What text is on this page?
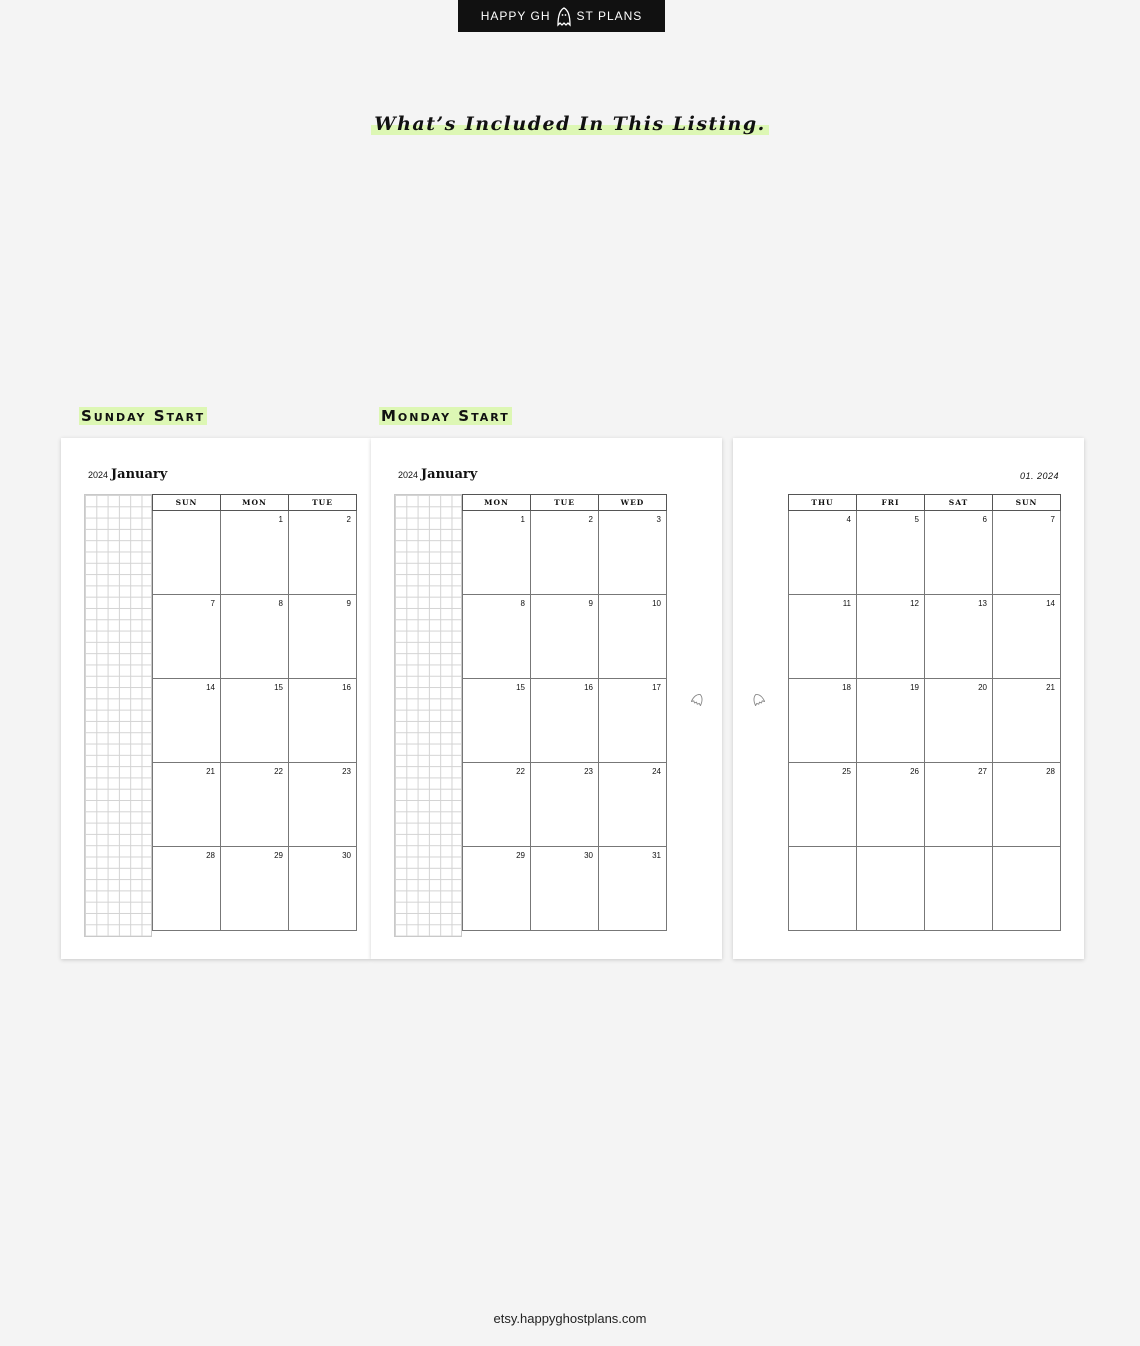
HAPPY GH ST PLANS
What’s Included In This Listing.
Sunday Start	Monday Start
2024 January
SUN	MON	TUE
	1	2
7	8	9
14	15	16
21	22	23
28	29	30
2024 January
MON	TUE	WED
1	2	3
8	9	10
15	16	17
22	23	24
29	30	31
01. 2024
THU	FRI	SAT	SUN
4	5	6	7
11	12	13	14
18	19	20	21
25	26	27	28

etsy.happyghostplans.com
